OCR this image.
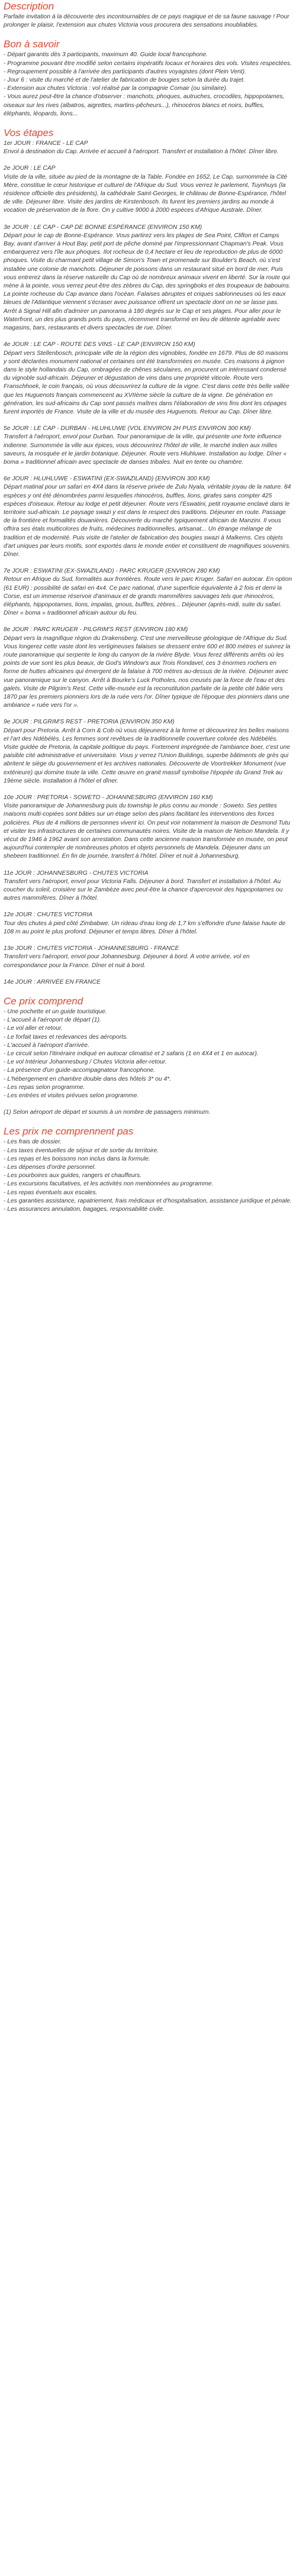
Description

Parfaite invitation à la découverte des incontournables de ce pays magique et de sa faune sauvage ! Pour prolonger le plaisir, l'extension aux chutes Victoria vous procurera des sensations inoubliables.

Bon à savoir
- Départ garantis dès 3 participants, maximum 40. Guide local francophone.
- Programme pouvant être modifié selon certains impératifs locaux et horaires des vols. Visites respectées.
- Regroupement possible à l'arrivée des participants d'autres voyagistes (dont Plein Vent).
- Jour 6 : visite du marché et de l'atelier de fabrication de bougies selon la durée du trajet.
- Extension aux chutes Victoria : vol réalisé par la compagnie Comair (ou similaire).
- Vous aurez peut-être la chance d'observer : manchots, phoques, autruches, crocodiles, hippopotames, oiseaux sur les rives (albatros, aigrettes, martins-pêcheurs...), rhinocéros blancs et noirs, buffles, éléphants, léopards, lions...
Vos étapes

1er JOUR : FRANCE - LE CAP

Envol à destination du Cap. Arrivée et accueil à l'aéroport. Transfert et installation à l'hôtel. Dîner libre.

2e JOUR : LE CAP

Visite de la ville, située au pied de la montagne de la Table. Fondée en 1652, Le Cap, surnommée la Cité Mère, constitue le cœur historique et culturel de l'Afrique du Sud. Vous verrez le parlement, Tuynhuys (la résidence officielle des présidents), la cathédrale Saint-Georges, le château de Bonne-Espérance, l'hôtel de ville. Déjeuner libre. Visite des jardins de Kirstenbosch. Ils furent les premiers jardins au monde à vocation de préservation de la flore. On y cultive 9000 à 2000 espèces d'Afrique Australe. Dîner.

3e JOUR : LE CAP - CAP DE BONNE ESPÉRANCE (ENVIRON 150 KM)

Départ pour le cap de Bonne-Espérance. Vous partirez vers les plages de Sea Point, Clifton et Camps Bay, avant d'arriver à Hout Bay, petit port de pêche dominé par l'impressionnant Chapman's Peak. Vous embarquerez vers l'île aux phoques. Ilot rocheux de 0,4 hectare et lieu de reproduction de plus de 6000 phoques. Visite du charmant petit village de Simon's Town et promenade sur Boulder's Beach, où s'est installée une colonie de manchots. Déjeuner de poissons dans un restaurant situé en bord de mer. Puis vous entrerez dans la réserve naturelle du Cap où de nombreux animaux vivent en liberté. Sur la route qui mène à la pointe, vous verrez peut-être des zèbres du Cap, des springboks et des troupeaux de babouins. La pointe rocheuse du Cap avance dans l'océan. Falaises abruptes et criques sablonneuses où les eaux bleues de l'Atlantique viennent s'écraser avec puissance offrent un spectacle dont on ne se lasse pas. Arrêt à Signal Hill afin d'admirer un panorama à 180 degrés sur le Cap et ses plages. Pour aller pour le Waterfront, un des plus grands ports du pays, récemment transformé en lieu de détente agréable avec magasins, bars, restaurants et divers spectacles de rue. Dîner.

4e JOUR : LE CAP - ROUTE DES VINS - LE CAP (ENVIRON 150 KM)

Départ vers Stellenbosch, principale ville de la région des vignobles, fondée en 1679. Plus de 60 maisons y sont déclarées monument national et certaines ont été transformées en musée. Ces maisons à pignon dans le style hollandais du Cap, ombragées de chênes séculaires, en procurent un intéressant condensé du vignoble sud-africain. Déjeuner et dégustation de vins dans une propriété viticole. Route vers Franschhoek, le coin français, où vous découvrirez la culture de la vigne. C'est dans cette très belle vallée que les Huguenots français commencent au XVIIème siècle la culture de la vigne. De génération en génération, les sud-africains du Cap sont passés maîtres dans l'élaboration de vins fins dont les cépages furent importés de France. Visite de la ville et du musée des Huguenots. Retour au Cap. Dîner libre.

5e JOUR : LE CAP - DURBAN - HLUHLUWE (VOL ENVIRON 2H PUIS ENVIRON 300 KM)

Transfert à l'aéroport, envol pour Durban. Tour panoramique de la ville, qui présente une forte influence indienne. Surnommée la ville aux épices, vous découvrirez l'hôtel de ville, le marché indien aux milles saveurs, la mosquée et le jardin botanique. Déjeuner. Route vers Hluhluwe. Installation au lodge. Dîner « boma » traditionnel africain avec spectacle de danses tribales. Nuit en tente ou chambre.

6e JOUR : HLUHLUWE - ESWATINI (EX-SWAZILAND) (ENVIRON 300 KM)

Départ matinal pour un safari en 4X4 dans la réserve privée de Zulu Nyala, véritable joyau de la nature. 84 espèces y ont été dénombrées parmi lesquelles rhinocéros, buffles, lions, girafes sans compter 425 espèces d'oiseaux. Retour au lodge et petit déjeuner. Route vers l'Eswatini, petit royaume enclavé dans le territoire sud-africain. Le paysage swazi y est dans le respect des traditions. Déjeuner en route. Passage de la frontière et formalités douanières. Découverte du marché typiquement africain de Manzini. Il vous offrira ses étals multicolores de fruits, médecines traditionnelles, artisanat... Un étrange mélange de tradition et de modernité. Puis visite de l'atelier de fabrication des bougies swazi à Malkerns. Ces objets d'art uniques par leurs motifs, sont exportés dans le monde entier et constituent de magnifiques souvenirs. Dîner.

7e JOUR : ESWATINI (EX-SWAZILAND) - PARC KRUGER (ENVIRON 280 KM)

Retour en Afrique du Sud, formalités aux frontières. Route vers le parc Kruger. Safari en autocar. En option (61 EUR) : possibilité de safari en 4x4. Ce parc national, d'une superficie équivalente à 2 fois et demi la Corse, est un immense réservoir d'animaux et de grands mammifères sauvages tels que rhinocéros, éléphants, hippopotames, lions, impalas, gnous, buffles, zèbres... Déjeuner (après-midi, suite du safari. Dîner « boma » traditionnel africain autour du feu.

8e JOUR : PARC KRUGER - PILGRIM'S REST (ENVIRON 180 KM)

Départ vers la magnifique région du Drakensberg. C'est une merveilleuse géologique de l'Afrique du Sud. Vous longerez cette vaste dont les vertigineuses falaises se dressent entre 600 et 800 mètres et suivrez la route panoramique qui serpente le long du canyon de la rivière Blyde. Vous ferez différents arrêts où les points de vue sont les plus beaux, de God's Window's aux Trois Rondavel, ces 3 énormes rochers en forme de huttes africaines qui émergent de la falaise à 700 mètres au-dessus de la rivière. Déjeuner avec vue panoramique sur le canyon. Arrêt à Bourke's Luck Potholes, nos creusés par la force de l'eau et des galets. Visite de Pilgrim's Rest. Cette ville-musée est la reconstitution parfaite de la petite cité bâtie vers 1870 par les premiers pionniers lors de la ruée vers l'or. Dîner typique de l'époque des pionniers dans une ambiance « ruée vers l'or ».

9e JOUR : PILGRIM'S REST - PRETORIA (ENVIRON 350 KM)

Départ pour Pretoria. Arrêt à Corn & Cob où vous déjeunerez à la ferme et découvrirez les belles maisons et l'art des Ndébélés. Les femmes sont revêtues de la traditionnelle couverture colorée des Ndébélés. Visite guidée de Pretoria, la capitale politique du pays. Fortement imprégnée de l'ambiance boer, c'est une paisible cité administrative et universitaire. Vous y verrez l'Union Buildings, superbe bâtiments de grès qui abritent le siège du gouvernement et les archives nationales. Découverte de Voortrekker Monument (vue extérieure) qui domine toute la ville. Cette œuvre en granit massif symbolise l'épopée du Grand Trek au 19ème siècle. Installation à l'hôtel et dîner.

10e JOUR : PRETORIA - SOWETO - JOHANNESBURG (ENVIRON 160 KM)

Visite panoramique de Johannesburg puis du township le plus connu au monde : Soweto. Ses petites maisons multi-copiées sont bâties sur un étage selon des plans facilitant les interventions des forces policières. Plus de 4 millions de personnes vivent ici. On peut voir notamment la maison de Desmond Tutu et visiter les infrastructures de certaines communautés noires. Visite de la maison de Nelson Mandela. Il y vécut de 1946 à 1962 avant son arrestation. Dans cette ancienne maison transformée en musée, on peut aujourd'hui contempler de nombreuses photos et objets personnels de Mandela. Déjeuner dans un shebeen traditionnel. En fin de journée, transfert à l'hôtel. Dîner et nuit à Johannesburg.

11e JOUR : JOHANNESBURG - CHUTES VICTORIA

Transfert vers l'aéroport, envol pour Victoria Falls. Déjeuner à bord. Transfert et installation à l'hôtel. Au coucher du soleil, croisière sur le Zambèze avec peut-être la chance d'apercevoir des hippopotames ou autres mammifères. Dîner à l'hôtel.

12e JOUR : CHUTES VICTORIA

Tour des chutes à pied côté Zimbabwe. Un rideau d'eau long de 1,7 km s'effondre d'une falaise haute de 108 m au point le plus profond. Déjeuner et temps libres. Dîner à l'hôtel.

13e JOUR : CHUTES VICTORIA - JOHANNESBURG - FRANCE

Transfert vers l'aéroport, envol pour Johannesburg. Déjeuner à bord. À votre arrivée, vol en correspondance pour la France. Dîner et nuit à bord.

14e JOUR : ARRIVÉE EN FRANCE

Ce prix comprend
- Une pochette et un guide touristique.
- L'accueil à l'aéroport de départ (1).
- Le vol aller et retour.
- Le forfait taxes et redevances des aéroports.
- L'accueil à l'aéroport d'arrivée.
- Le circuit selon l'itinéraire indiqué en autocar climatisé et 2 safaris (1 en 4X4 et 1 en autocar).
- Le vol Intérieur Johannesburg / Chutes Victoria aller-retour.
- La présence d'un guide-accompagnateur francophone.
- L'hébergement en chambre double dans des hôtels 3* ou 4*.
- Les repas selon programme.
- Les entrées et visites prévues selon programme.

(1) Selon aéroport de départ et soumis à un nombre de passagers minimum.

Les prix ne comprennent pas
- Les frais de dossier.
- Les taxes éventuelles de séjour et de sortie du territoire.
- Les repas et les boissons non inclus dans la formule.
- Les dépenses d'ordre personnel.
- Les pourboires aux guides, rangers et chauffeurs.
- Les excursions facultatives, et les activités non mentionnées au programme.
- Les repas éventuels aux escales.
- Les garanties assistance, rapatriement, frais médicaux et d'hospitalisation, assistance juridique et pénale.
- Les assurances annulation, bagages, responsabilité civile.
